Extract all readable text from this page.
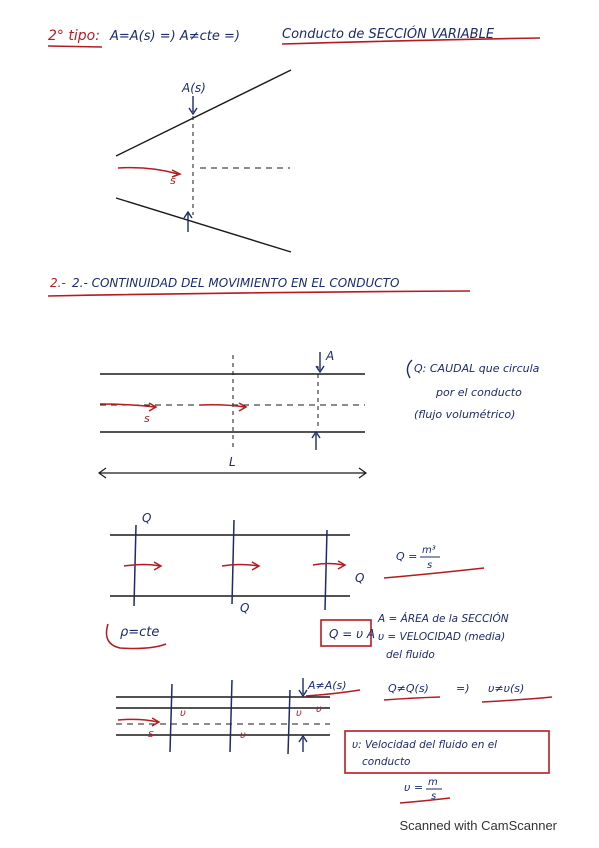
2° tipo: A=A(s) =) A≠cte =)	Conducto de SECCIÓN VARIABLE
A(s)
s
2.- 2.- CONTINUIDAD DEL MOVIMIENTO EN EL CONDUCTO
s
A
L
Q: CAUDAL que circula
por el conducto
(flujo volumétrico)
Q
Q
Q
Q = m³
s
ρ=cte	Q = υ A
A = ÁREA de la SECCIÓN
υ = VELOCIDAD (media)
del fluido
s
υ
υ
υ υ
A≠A(s)	Q≠Q(s) =) υ≠υ(s)
υ: Velocidad del fluido en el
conducto
υ = m
s
Scanned with CamScanner
